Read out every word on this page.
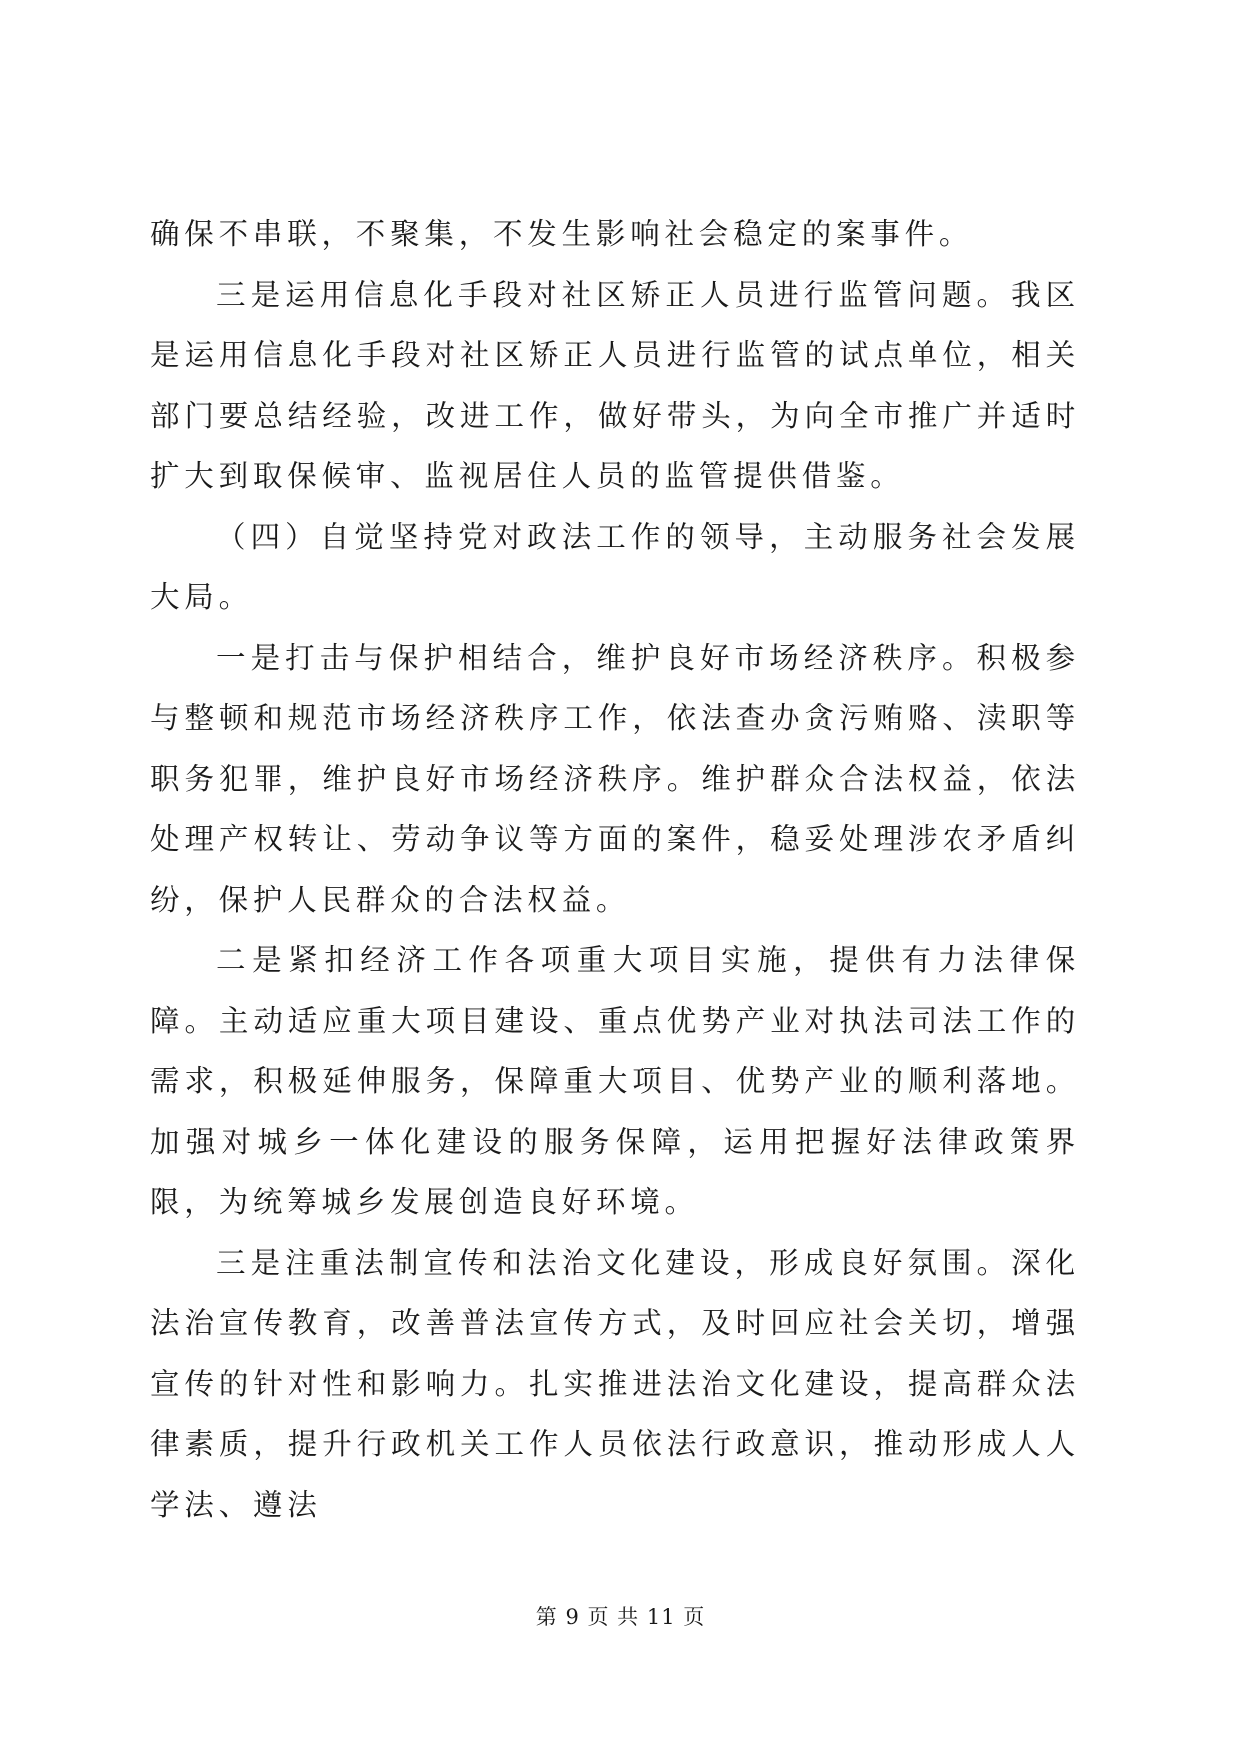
确保不串联，不聚集，不发生影响社会稳定的案事件。

三是运用信息化手段对社区矫正人员进行监管问题。我区是运用信息化手段对社区矫正人员进行监管的试点单位，相关部门要总结经验，改进工作，做好带头，为向全市推广并适时扩大到取保候审、监视居住人员的监管提供借鉴。

（四）自觉坚持党对政法工作的领导，主动服务社会发展大局。

一是打击与保护相结合，维护良好市场经济秩序。积极参与整顿和规范市场经济秩序工作，依法查办贪污贿赂、渎职等职务犯罪，维护良好市场经济秩序。维护群众合法权益，依法处理产权转让、劳动争议等方面的案件，稳妥处理涉农矛盾纠纷，保护人民群众的合法权益。

二是紧扣经济工作各项重大项目实施，提供有力法律保障。主动适应重大项目建设、重点优势产业对执法司法工作的需求，积极延伸服务，保障重大项目、优势产业的顺利落地。加强对城乡一体化建设的服务保障，运用把握好法律政策界限，为统筹城乡发展创造良好环境。

三是注重法制宣传和法治文化建设，形成良好氛围。深化法治宣传教育，改善普法宣传方式，及时回应社会关切，增强宣传的针对性和影响力。扎实推进法治文化建设，提高群众法律素质，提升行政机关工作人员依法行政意识，推动形成人人学法、遵法

第 9 页 共 11 页
